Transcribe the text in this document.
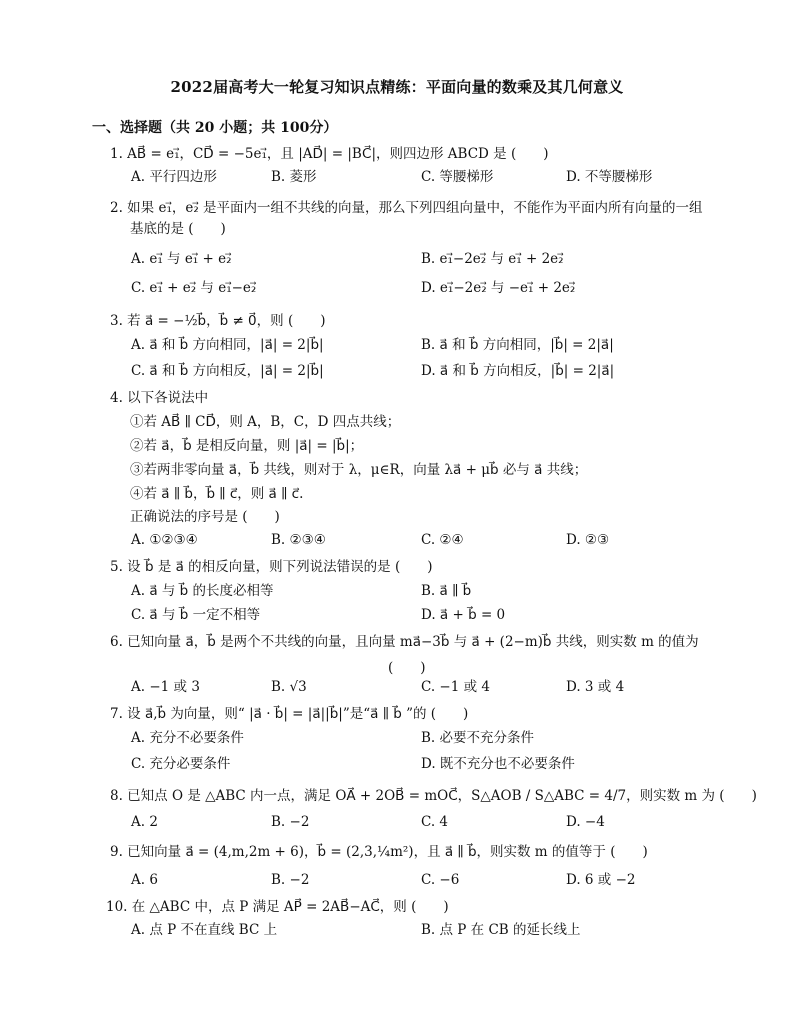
2022届高考大一轮复习知识点精练：平面向量的数乘及其几何意义
一、选择题（共 20 小题；共 100分）
1. AB⃗ = e₁⃗，CD⃗ = −5e₁⃗，且 |AD⃗| = |BC⃗|，则四边形 ABCD 是 (　　)
A. 平行四边形	B. 菱形	C. 等腰梯形	D. 不等腰梯形
2. 如果 e₁⃗，e₂⃗ 是平面内一组不共线的向量，那么下列四组向量中，不能作为平面内所有向量的一组
基底的是 (　　)
A. e₁⃗ 与 e₁⃗ + e₂⃗	B. e₁⃗−2e₂⃗ 与 e₁⃗ + 2e₂⃗
C. e₁⃗ + e₂⃗ 与 e₁⃗−e₂⃗	D. e₁⃗−2e₂⃗ 与 −e₁⃗ + 2e₂⃗
3. 若 a⃗ = −½b⃗，b⃗ ≠ 0⃗，则 (　　)
A. a⃗ 和 b⃗ 方向相同，|a⃗| = 2|b⃗|	B. a⃗ 和 b⃗ 方向相同，|b⃗| = 2|a⃗|
C. a⃗ 和 b⃗ 方向相反，|a⃗| = 2|b⃗|	D. a⃗ 和 b⃗ 方向相反，|b⃗| = 2|a⃗|
4. 以下各说法中
①若 AB⃗ ∥ CD⃗，则 A，B，C，D 四点共线；
②若 a⃗，b⃗ 是相反向量，则 |a⃗| = |b⃗|；
③若两非零向量 a⃗，b⃗ 共线，则对于 λ，μ∈R，向量 λa⃗ + μb⃗ 必与 a⃗ 共线；
④若 a⃗ ∥ b⃗，b⃗ ∥ c⃗，则 a⃗ ∥ c⃗.
正确说法的序号是 (　　)
A. ①②③④	B. ②③④	C. ②④	D. ②③
5. 设 b⃗ 是 a⃗ 的相反向量，则下列说法错误的是 (　　)
A. a⃗ 与 b⃗ 的长度必相等	B. a⃗ ∥ b⃗
C. a⃗ 与 b⃗ 一定不相等	D. a⃗ + b⃗ = 0
6. 已知向量 a⃗，b⃗ 是两个不共线的向量，且向量 ma⃗−3b⃗ 与 a⃗ + (2−m)b⃗ 共线，则实数 m 的值为
(　　)
A. −1 或 3	B. √3	C. −1 或 4	D. 3 或 4
7. 设 a⃗,b⃗ 为向量，则“ |a⃗ · b⃗| = |a⃗||b⃗|”是“a⃗ ∥ b⃗ ”的 (　　)
A. 充分不必要条件	B. 必要不充分条件
C. 充分必要条件	D. 既不充分也不必要条件
8. 已知点 O 是 △ABC 内一点，满足 OA⃗ + 2OB⃗ = mOC⃗，S△AOB / S△ABC = 4/7，则实数 m 为 (　　)
A. 2	B. −2	C. 4	D. −4
9. 已知向量 a⃗ = (4,m,2m + 6)，b⃗ = (2,3,¼m²)，且 a⃗ ∥ b⃗，则实数 m 的值等于 (　　)
A. 6	B. −2	C. −6	D. 6 或 −2
10. 在 △ABC 中，点 P 满足 AP⃗ = 2AB⃗−AC⃗，则 (　　)
A. 点 P 不在直线 BC 上	B. 点 P 在 CB 的延长线上
